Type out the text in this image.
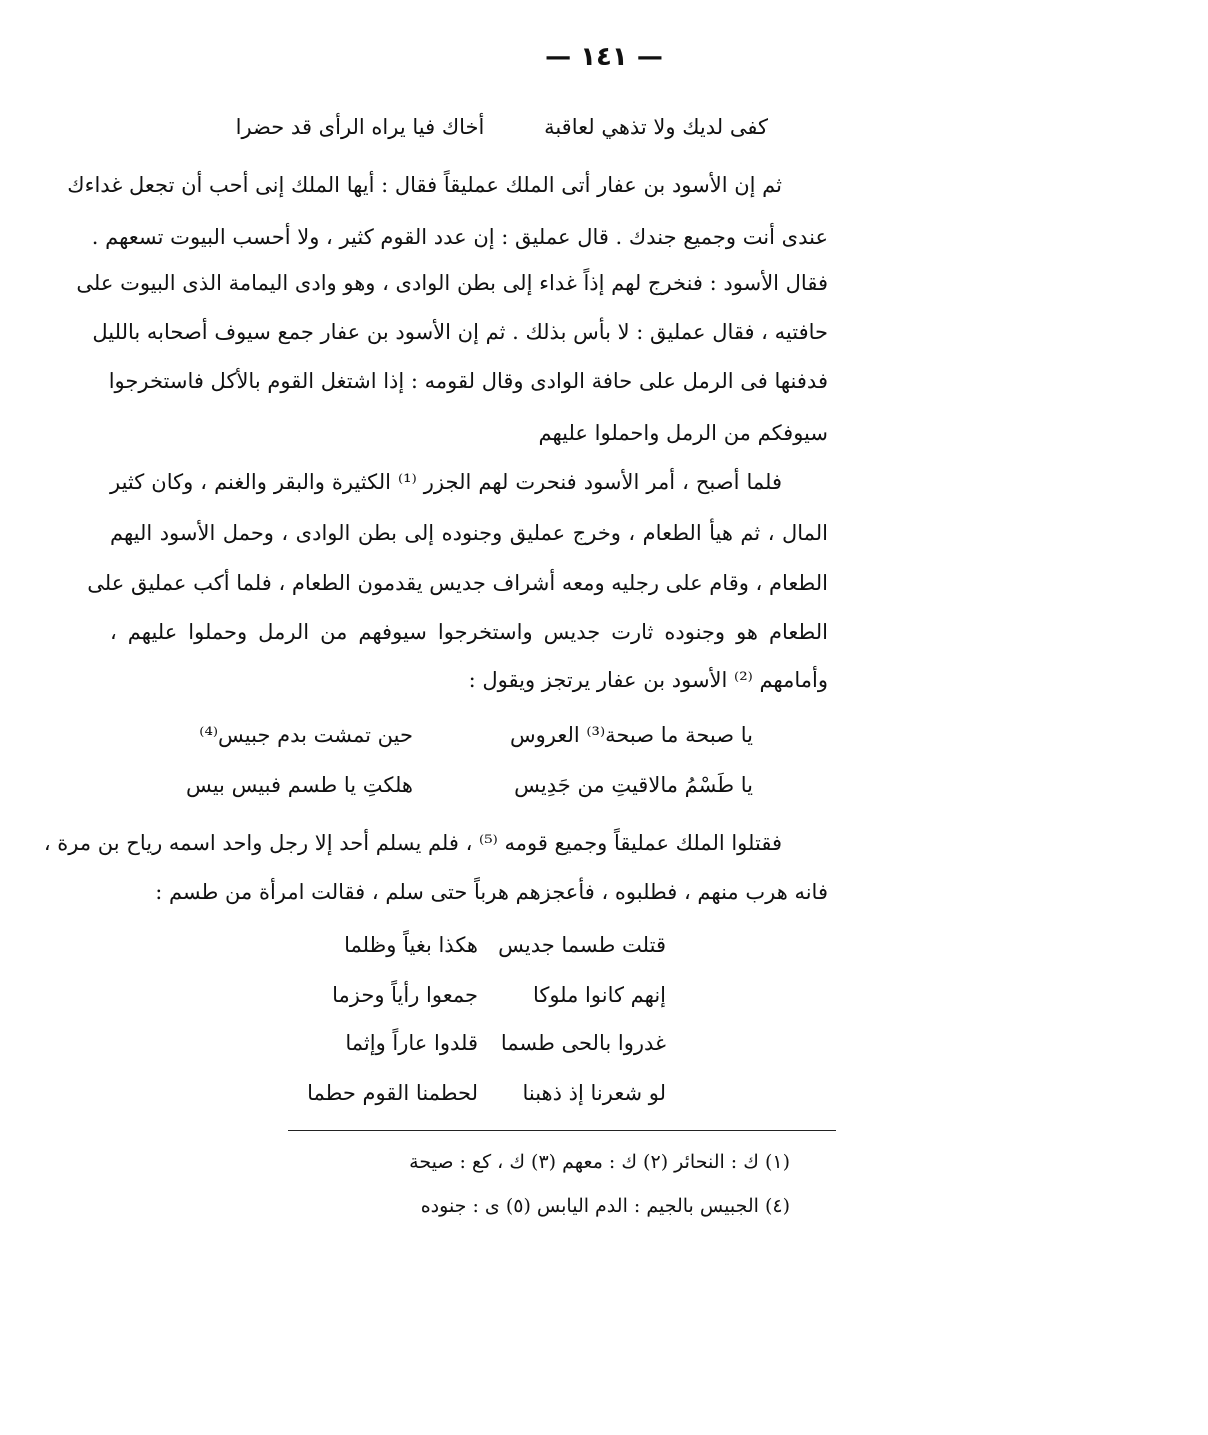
— ١٤١ —
كفى لديك ولا تذهي لعاقبة
أخاك فيا يراه الرأى قد حضرا
ثم إن الأسود بن عفار أتى الملك عمليقاً فقال : أيها الملك إنى أحب أن تجعل غداءك
عندى أنت وجميع جندك . قال عمليق : إن عدد القوم كثير ، ولا أحسب البيوت تسعهم .
فقال الأسود : فنخرج لهم إذاً غداء إلى بطن الوادى ، وهو وادى اليمامة الذى البيوت على
حافتيه ، فقال عمليق : لا بأس بذلك . ثم إن الأسود بن عفار جمع سيوف أصحابه بالليل
فدفنها فى الرمل على حافة الوادى وقال لقومه : إذا اشتغل القوم بالأكل فاستخرجوا
سيوفكم من الرمل واحملوا عليهم
فلما أصبح ، أمر الأسود فنحرت لهم الجزر ⁽¹⁾ الكثيرة والبقر والغنم ، وكان كثير
المال ، ثم هيأ الطعام ، وخرج عمليق وجنوده إلى بطن الوادى ، وحمل الأسود اليهم
الطعام ، وقام على رجليه ومعه أشراف جديس يقدمون الطعام ، فلما أكب عمليق على
الطعام هو وجنوده ثارت جديس واستخرجوا سيوفهم من الرمل وحملوا عليهم ،
وأمامهم ⁽²⁾ الأسود بن عفار يرتجز ويقول :
يا صبحة ما صبحة⁽³⁾ العروس
حين تمشت بدم جبيس⁽⁴⁾
يا طَسْمُ مالاقيتِ من جَدِيس
هلكتِ يا طسم فبيس بيس
فقتلوا الملك عمليقاً وجميع قومه ⁽⁵⁾ ، فلم يسلم أحد إلا رجل واحد اسمه رياح بن مرة ،
فانه هرب منهم ، فطلبوه ، فأعجزهم هرباً حتى سلم ، فقالت امرأة من طسم :
قتلت طسما جديس
هكذا بغياً وظلما
إنهم كانوا ملوكا
جمعوا رأياً وحزما
غدروا بالحى طسما
قلدوا عاراً وإثما
لو شعرنا إذ ذهبنا
لحطمنا القوم حطما
(١) ك : النحائر (٢) ك : معهم (٣) ك ، كع : صيحة
(٤) الجبيس بالجيم : الدم اليابس (٥) ى : جنوده
